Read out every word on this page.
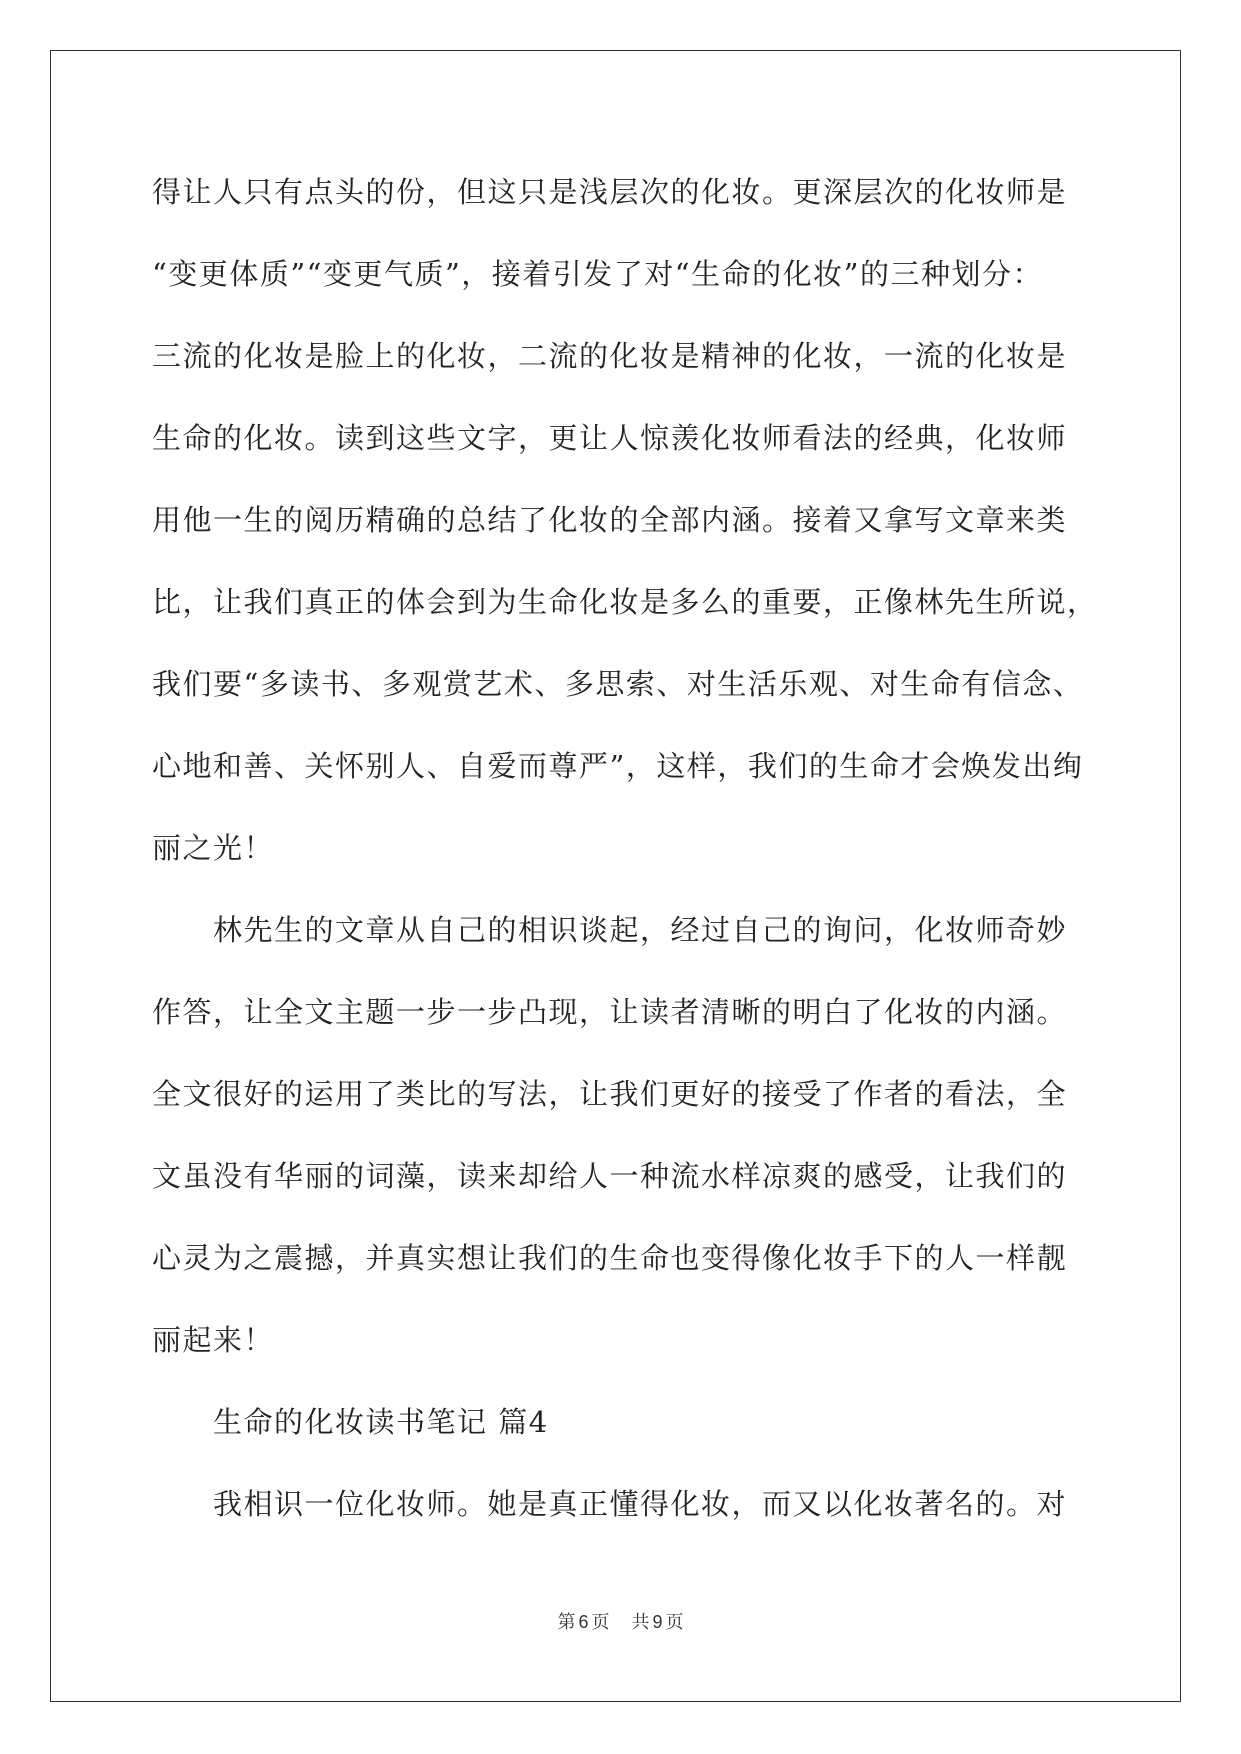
得让人只有点头的份，但这只是浅层次的化妆。更深层次的化妆师是
“变更体质”“变更气质”，接着引发了对“生命的化妆”的三种划分：
三流的化妆是脸上的化妆，二流的化妆是精神的化妆，一流的化妆是
生命的化妆。读到这些文字，更让人惊羡化妆师看法的经典，化妆师
用他一生的阅历精确的总结了化妆的全部内涵。接着又拿写文章来类
比，让我们真正的体会到为生命化妆是多么的重要，正像林先生所说，
我们要“多读书、多观赏艺术、多思索、对生活乐观、对生命有信念、
心地和善、关怀别人、自爱而尊严”，这样，我们的生命才会焕发出绚
丽之光！
林先生的文章从自己的相识谈起，经过自己的询问，化妆师奇妙
作答，让全文主题一步一步凸现，让读者清晰的明白了化妆的内涵。
全文很好的运用了类比的写法，让我们更好的接受了作者的看法，全
文虽没有华丽的词藻，读来却给人一种流水样凉爽的感受，让我们的
心灵为之震撼，并真实想让我们的生命也变得像化妆手下的人一样靓
丽起来！
生命的化妆读书笔记 篇4
我相识一位化妆师。她是真正懂得化妆，而又以化妆著名的。对
第 6 页 共 9 页
